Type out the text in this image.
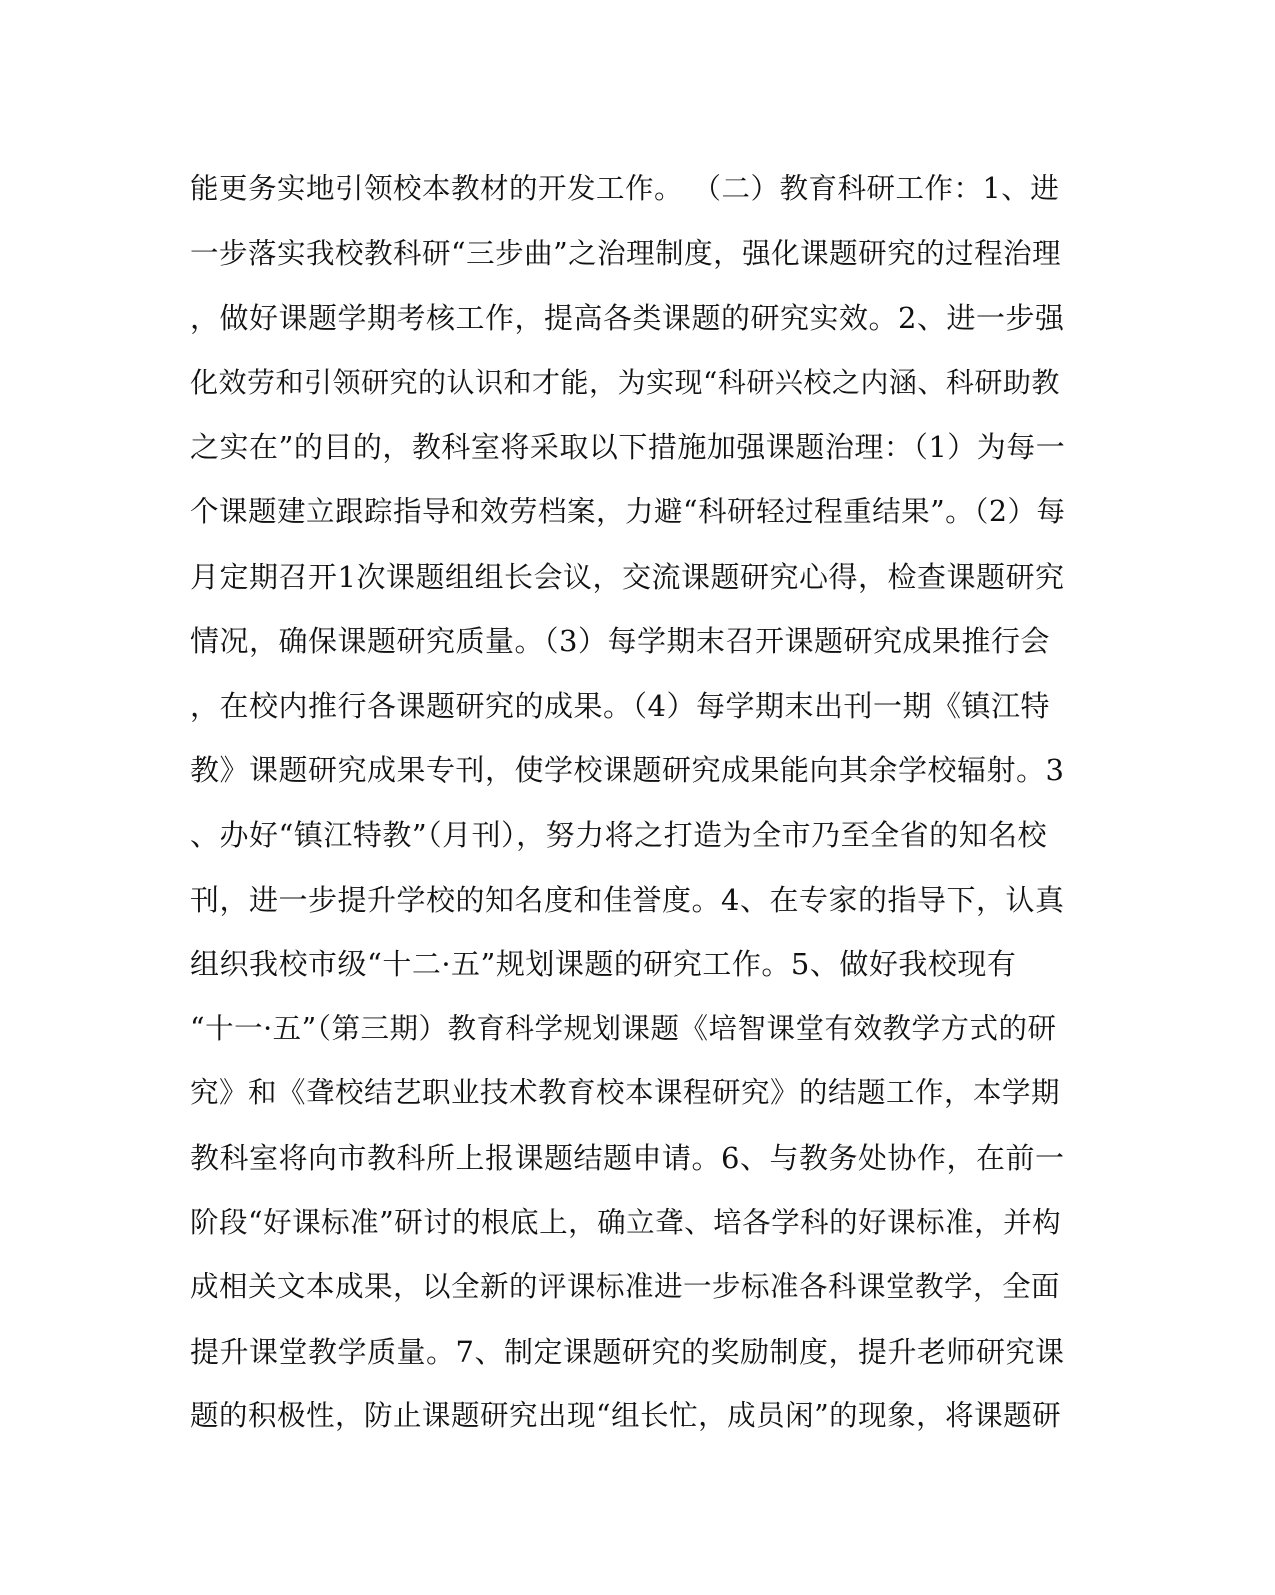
能更务实地引领校本教材的开发工作。 （二）教育科研工作：1、进
一步落实我校教科研“三步曲”之治理制度，强化课题研究的过程治理
，做好课题学期考核工作，提高各类课题的研究实效。2、进一步强
化效劳和引领研究的认识和才能，为实现“科研兴校之内涵、科研助教
之实在”的目的，教科室将采取以下措施加强课题治理：（1）为每一
个课题建立跟踪指导和效劳档案，力避“科研轻过程重结果”。（2）每
月定期召开1次课题组组长会议，交流课题研究心得，检查课题研究
情况，确保课题研究质量。（3）每学期末召开课题研究成果推行会
，在校内推行各课题研究的成果。（4）每学期末出刊一期《镇江特
教》课题研究成果专刊，使学校课题研究成果能向其余学校辐射。3
、办好“镇江特教”（月刊），努力将之打造为全市乃至全省的知名校
刊，进一步提升学校的知名度和佳誉度。4、在专家的指导下，认真
组织我校市级“十二·五”规划课题的研究工作。5、做好我校现有
“十一·五”（第三期）教育科学规划课题《培智课堂有效教学方式的研
究》和《聋校结艺职业技术教育校本课程研究》的结题工作，本学期
教科室将向市教科所上报课题结题申请。6、与教务处协作，在前一
阶段“好课标准”研讨的根底上，确立聋、培各学科的好课标准，并构
成相关文本成果，以全新的评课标准进一步标准各科课堂教学，全面
提升课堂教学质量。7、制定课题研究的奖励制度，提升老师研究课
题的积极性，防止课题研究出现“组长忙，成员闲”的现象，将课题研
